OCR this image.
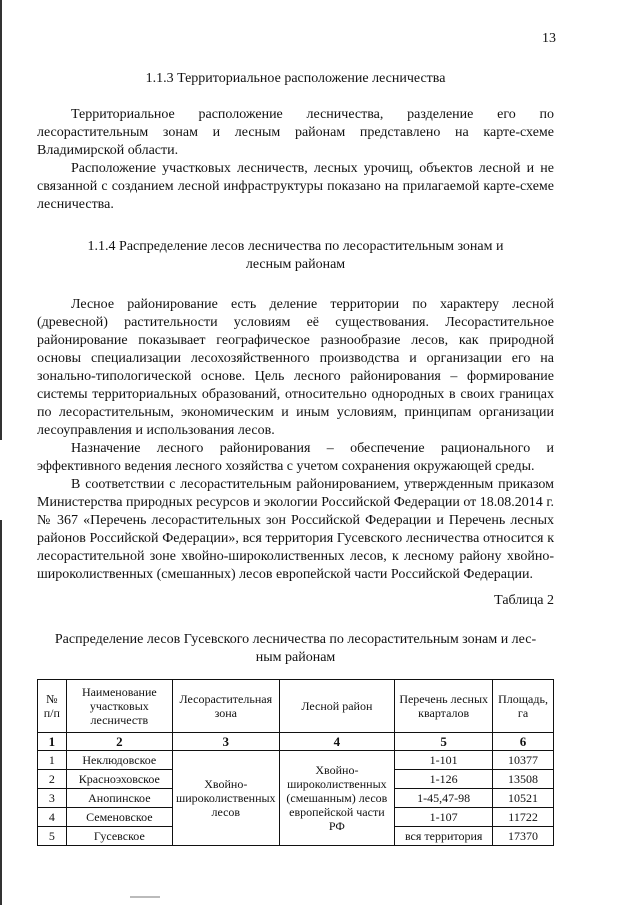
13
1.1.3 Территориальное расположение лесничества

Территориальное расположение лесничества, разделение его по лесорастительным зонам и лесным районам представлено на карте-схеме Владимирской области.

Расположение участковых лесничеств, лесных урочищ, объектов лесной и не связанной с созданием лесной инфраструктуры показано на прилагаемой карте-схеме лесничества.

1.1.4 Распределение лесов лесничества по лесорастительным зонам и
лесным районам

Лесное районирование есть деление территории по характеру лесной (древесной) растительности условиям её существования. Лесорастительное районирование показывает географическое разнообразие лесов, как природной основы специализации лесохозяйственного производства и организации его на зонально-типологической основе. Цель лесного районирования – формирование системы территориальных образований, относительно однородных в своих границах по лесорастительным, экономическим и иным условиям, принципам организации лесоуправления и использования лесов.

Назначение лесного районирования – обеспечение рационального и эффективного ведения лесного хозяйства с учетом сохранения окружающей среды.

В соответствии с лесорастительным районированием, утвержденным приказом Министерства природных ресурсов и экологии Российской Федерации от 18.08.2014 г. № 367 «Перечень лесорастительных зон Российской Федерации и Перечень лесных районов Российской Федерации», вся территория Гусевского лесничества относится к лесорастительной зоне хвойно-широколиственных лесов, к лесному району хвойно-широколиственных (смешанных) лесов европейской части Российской Федерации.

Таблица 2

Распределение лесов Гусевского лесничества по лесорастительным зонам и лес-
ным районам

№ п/п	Наименование участковых лесничеств	Лесорастительная зона	Лесной район	Перечень лесных кварталов	Площадь, га
1	2	3	4	5	6
1	Неклюдовское	Хвойно-широколиственных лесов	Хвойно-широколиственных (смешанным) лесов европейской части РФ	1-101	10377
2	Красноэховское			1-126	13508
3	Анопинское			1-45,47-98	10521
4	Семеновское			1-107	11722
5	Гусевское			вся территория	17370
